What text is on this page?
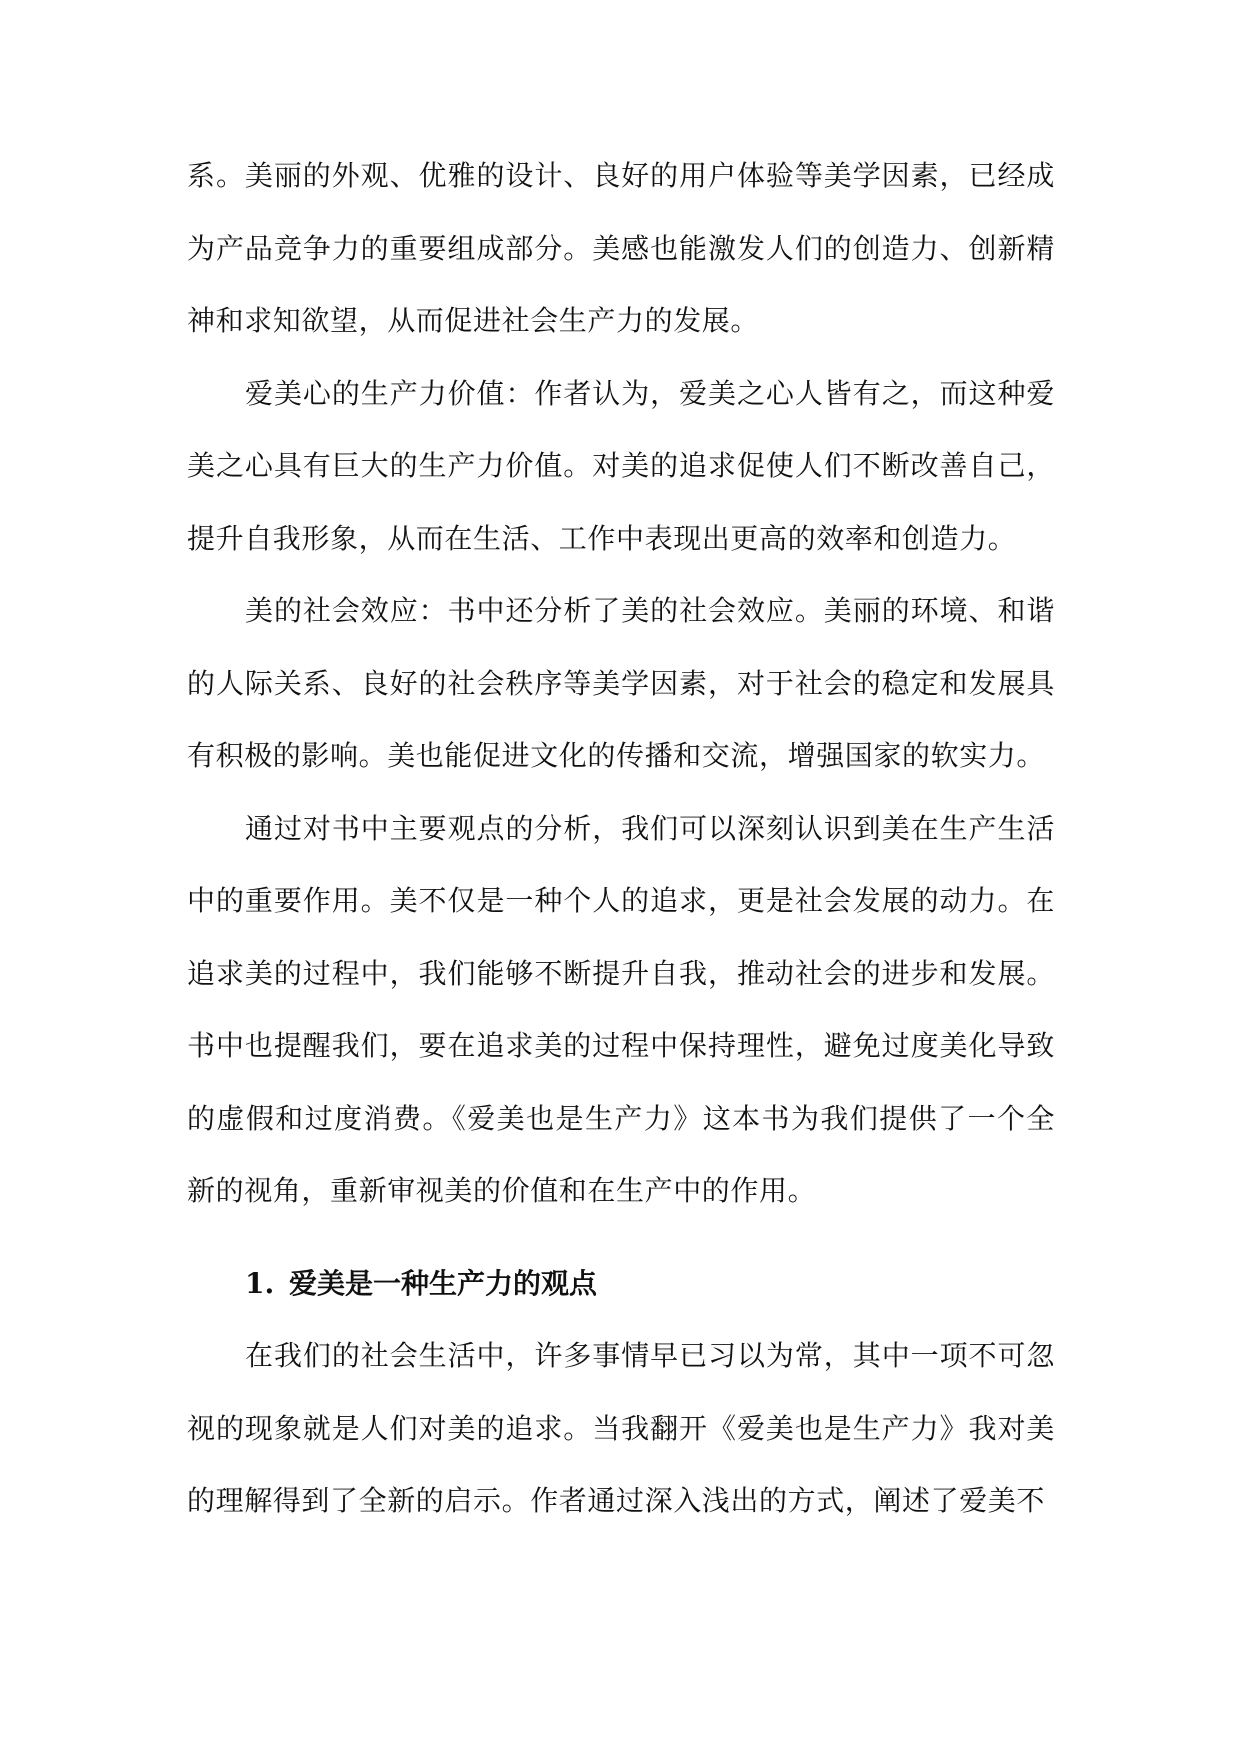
系。美丽的外观、优雅的设计、良好的用户体验等美学因素，已经成为产品竞争力的重要组成部分。美感也能激发人们的创造力、创新精神和求知欲望，从而促进社会生产力的发展。

爱美心的生产力价值：作者认为，爱美之心人皆有之，而这种爱美之心具有巨大的生产力价值。对美的追求促使人们不断改善自己，提升自我形象，从而在生活、工作中表现出更高的效率和创造力。

美的社会效应：书中还分析了美的社会效应。美丽的环境、和谐的人际关系、良好的社会秩序等美学因素，对于社会的稳定和发展具有积极的影响。美也能促进文化的传播和交流，增强国家的软实力。

通过对书中主要观点的分析，我们可以深刻认识到美在生产生活中的重要作用。美不仅是一种个人的追求，更是社会发展的动力。在追求美的过程中，我们能够不断提升自我，推动社会的进步和发展。书中也提醒我们，要在追求美的过程中保持理性，避免过度美化导致的虚假和过度消费。《爱美也是生产力》这本书为我们提供了一个全新的视角，重新审视美的价值和在生产中的作用。

1. 爱美是一种生产力的观点

在我们的社会生活中，许多事情早已习以为常，其中一项不可忽视的现象就是人们对美的追求。当我翻开《爱美也是生产力》我对美的理解得到了全新的启示。作者通过深入浅出的方式，阐述了爱美不
